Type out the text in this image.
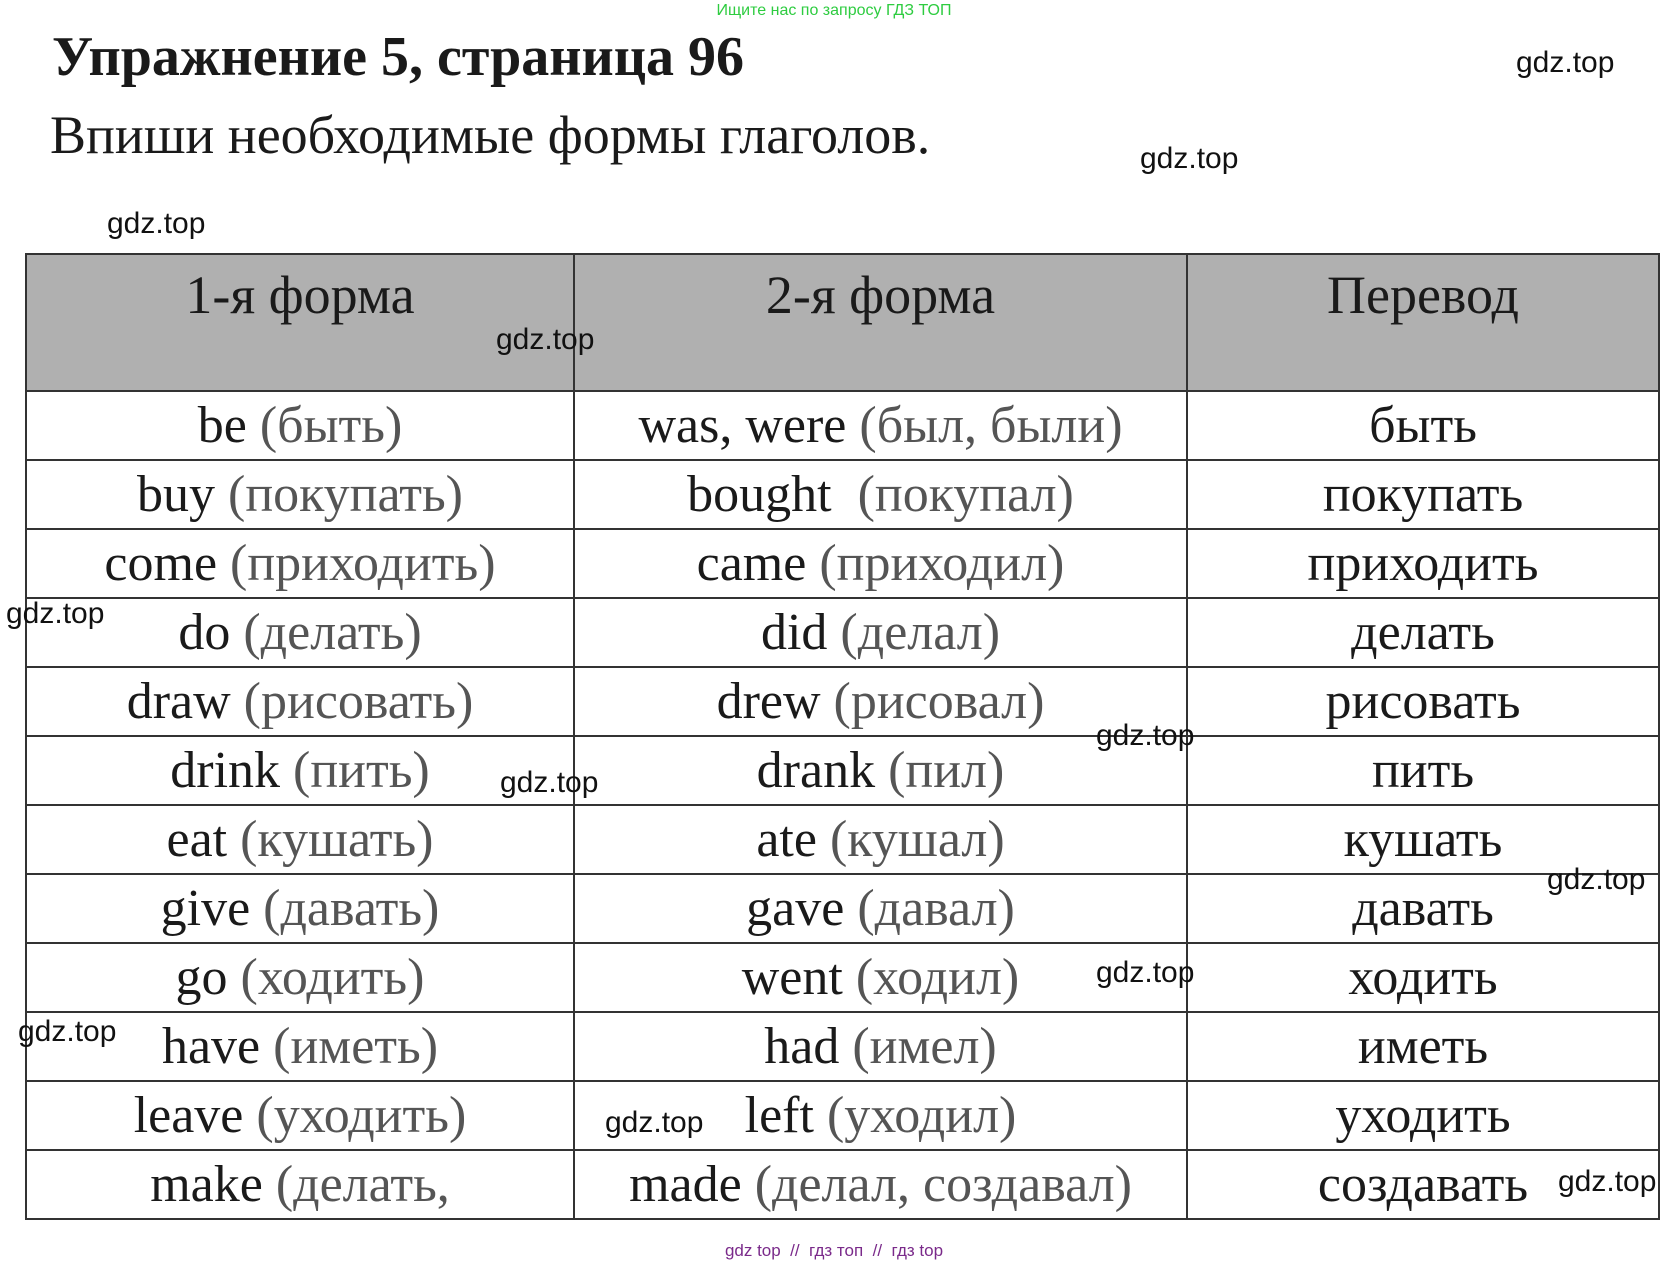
Ищите нас по запросу ГДЗ ТОП
Упражнение 5, страница 96
Впиши необходимые формы глаголов.
1-я форма	2-я форма	Перевод
be (быть)	was, were (был, были)	быть
buy (покупать)	bought  (покупал)	покупать
come (приходить)	came (приходил)	приходить
do (делать)	did (делал)	делать
draw (рисовать)	drew (рисовал)	рисовать
drink (пить)	drank (пил)	пить
eat (кушать)	ate (кушал)	кушать
give (давать)	gave (давал)	давать
go (ходить)	went (ходил)	ходить
have (иметь)	had (имел)	иметь
leave (уходить)	left (уходил)	уходить
make (делать,	made (делал, создавал)	создавать
gdz.top
gdz.top
gdz.top
gdz.top
gdz.top
gdz.top
gdz.top
gdz.top
gdz.top
gdz.top
gdz.top
gdz.top
gdz top  //  гдз топ  //  гдз top
